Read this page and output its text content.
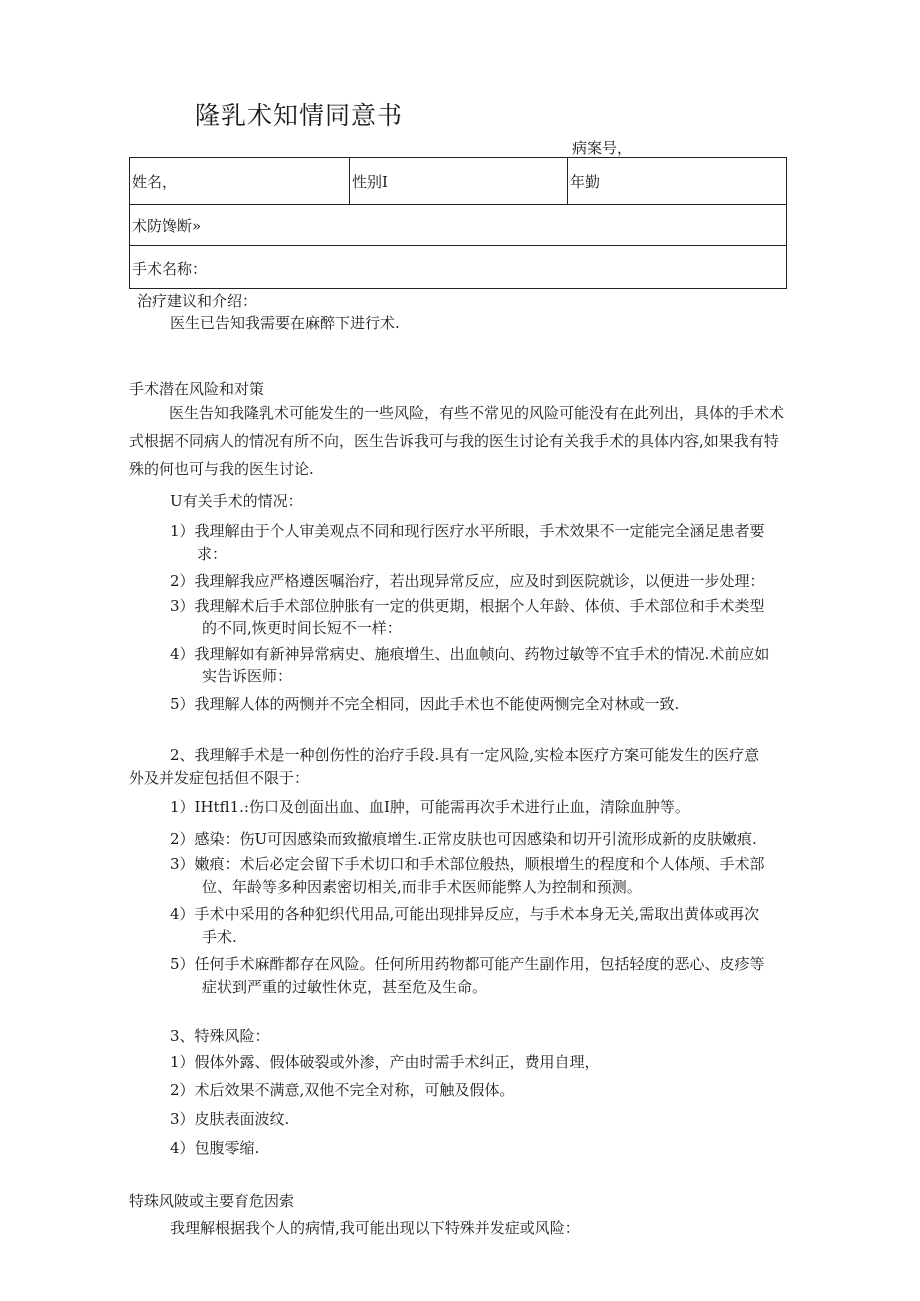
隆乳术知情同意书
病案号，
姓名，	性别I	年勤
术防馋断»
手术名称：
治疗建议和介绍：
医生已告知我需要在麻醉下进行术.
手术潜在风险和对策
医生告知我隆乳术可能发生的一些风险，有些不常见的风险可能没有在此列出，具体的手术术式根据不同病人的情况有所不向，医生告诉我可与我的医生讨论有关我手术的具体内容,如果我有特殊的何也可与我的医生讨论.
U有关手术的情况：
1）我理解由于个人审美观点不同和现行医疗水平所眼，手术效果不一定能完全涵足患者要
求：
2）我理解我应严格遵医嘱治疗，若出现异常反应，应及时到医院就诊，以便进一步处理：
3）我理解术后手术部位肿胀有一定的供更期，根据个人年龄、体侦、手术部位和手术类型
的不同,恢更时间长短不一样：
4）我理解如有新神异常病史、施痕增生、出血帧向、药物过敏等不宜手术的情况.术前应如
实告诉医师：
5）我理解人体的两恻并不完全相同，因此手术也不能使两恻完全对林或一致.
2、我理解手术是一种创伤性的治疗手段.具有一定风险,实检本医疗方案可能发生的医疗意
外及并发症包括但不限于：
1）IHtfl1.:伤口及创面出血、血I肿，可能需再次手术进行止血，清除血肿等。
2）感染：伤U可因感染而致撤痕增生.正常皮肤也可因感染和切开引流形成新的皮肤嫩痕.
3）嫩痕：术后必定会留下手术切口和手术部位般热，顺根增生的程度和个人体颅、手术部
位、年龄等多种因素密切相关,而非手术医师能弊人为控制和预测。
4）手术中采用的各种犯织代用品,可能出现排异反应，与手术本身无关,需取出黄体或再次
手术.
5）任何手术麻酢都存在风险。任何所用药物都可能产生副作用，包括轻度的恶心、皮疹等
症状到严重的过敏性休克，甚至危及生命。
3、特殊风险：
1）假体外露、假体破裂或外渗，产由时需手术纠正，费用自理，
2）术后效果不满意,双他不完全对称，可触及假体。
3）皮肤表面波纹.
4）包腹零缩.
特珠风陂或主要育危因索
我理解根据我个人的病情,我可能出现以下特殊并发症或风险：
